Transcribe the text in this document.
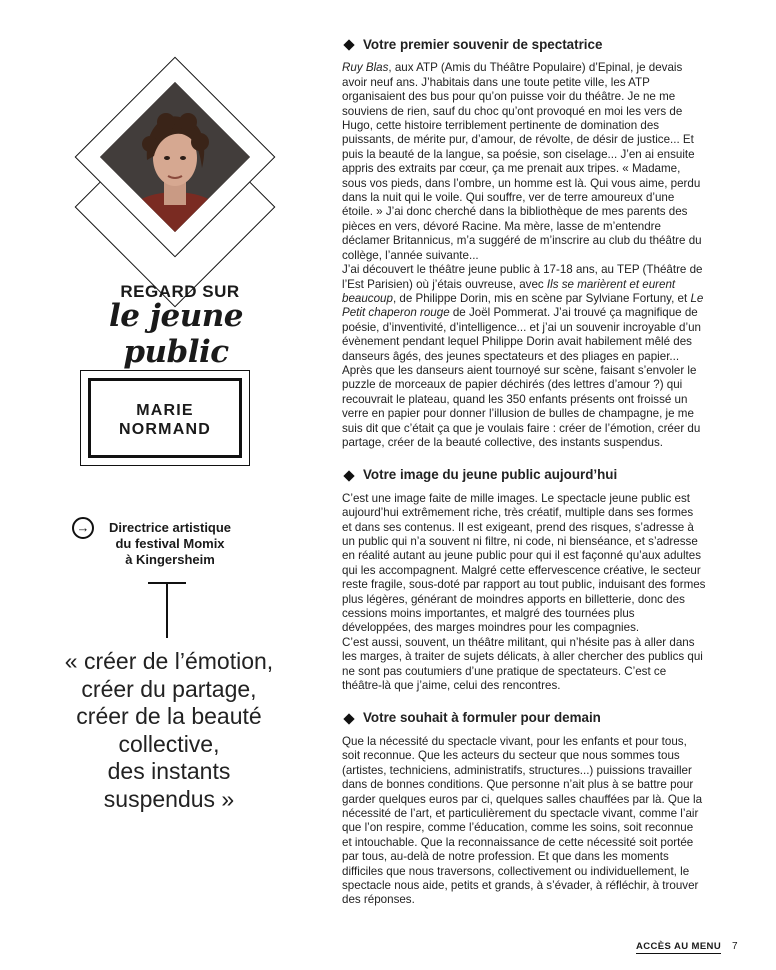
REGARD SUR
le jeune public
MARIE
NORMAND
→	Directrice artistique
du festival Momix
à Kingersheim
« créer de l’émotion,
créer du partage,
créer de la beauté
collective,
des instants
suspendus »
Votre premier souvenir de spectatrice

Ruy Blas, aux ATP (Amis du Théâtre Populaire) d’Epinal, je devais avoir neuf ans. J’habitais dans une toute petite ville, les ATP organisaient des bus pour qu’on puisse voir du théâtre. Je ne me souviens de rien, sauf du choc qu’ont provoqué en moi les vers de Hugo, cette histoire terriblement pertinente de domination des puissants, de mérite pur, d’amour, de révolte, de désir de justice... Et puis la beauté de la langue, sa poésie, son ciselage... J’en ai ensuite appris des extraits par cœur, ça me prenait aux tripes. « Madame, sous vos pieds, dans l’ombre, un homme est là. Qui vous aime, perdu dans la nuit qui le voile. Qui souffre, ver de terre amoureux d’une étoile. » J’ai donc cherché dans la bibliothèque de mes parents des pièces en vers, dévoré Racine. Ma mère, lasse de m’entendre déclamer Britannicus, m’a suggéré de m’inscrire au club du théâtre du collège, l’année suivante...

J’ai découvert le théâtre jeune public à 17-18 ans, au TEP (Théâtre de l’Est Parisien) où j’étais ouvreuse, avec Ils se marièrent et eurent beaucoup, de Philippe Dorin, mis en scène par Sylviane Fortuny, et Le Petit chaperon rouge de Joël Pommerat. J’ai trouvé ça magnifique de poésie, d’inventivité, d’intelligence... et j’ai un souvenir incroyable d’un évènement pendant lequel Philippe Dorin avait habilement mêlé des danseurs âgés, des jeunes spectateurs et des pliages en papier... Après que les danseurs aient tournoyé sur scène, faisant s’envoler le puzzle de morceaux de papier déchirés (des lettres d’amour ?) qui recouvrait le plateau, quand les 350 enfants présents ont froissé un verre en papier pour donner l’illusion de bulles de champagne, je me suis dit que c’était ça que je voulais faire : créer de l’émotion, créer du partage, créer de la beauté collective, des instants suspendus.

Votre image du jeune public aujourd’hui

C’est une image faite de mille images. Le spectacle jeune public est aujourd’hui extrêmement riche, très créatif, multiple dans ses formes et dans ses contenus. Il est exigeant, prend des risques, s’adresse à un public qui n’a souvent ni filtre, ni code, ni bienséance, et s’adresse en réalité autant au jeune public pour qui il est façonné qu’aux adultes qui les accompagnent. Malgré cette effervescence créative, le secteur reste fragile, sous-doté par rapport au tout public, induisant des formes plus légères, générant de moindres apports en billetterie, donc des cessions moins importantes, et malgré des tournées plus développées, des marges moindres pour les compagnies.

C’est aussi, souvent, un théâtre militant, qui n’hésite pas à aller dans les marges, à traiter de sujets délicats, à aller chercher des publics qui ne sont pas coutumiers d’une pratique de spectateurs. C’est ce théâtre-là que j’aime, celui des rencontres.

Votre souhait à formuler pour demain

Que la nécessité du spectacle vivant, pour les enfants et pour tous, soit reconnue. Que les acteurs du secteur que nous sommes tous (artistes, techniciens, administratifs, structures...) puissions travailler dans de bonnes conditions. Que personne n’ait plus à se battre pour garder quelques euros par ci, quelques salles chauffées par là. Que la nécessité de l’art, et particulièrement du spectacle vivant, comme l’air que l’on respire, comme l’éducation, comme les soins, soit reconnue et intouchable. Que la reconnaissance de cette nécessité soit portée par tous, au-delà de notre profession. Et que dans les moments difficiles que nous traversons, collectivement ou individuellement, le spectacle nous aide, petits et grands, à s’évader, à réfléchir, à trouver des réponses.

ACCÈS AU MENU 7
